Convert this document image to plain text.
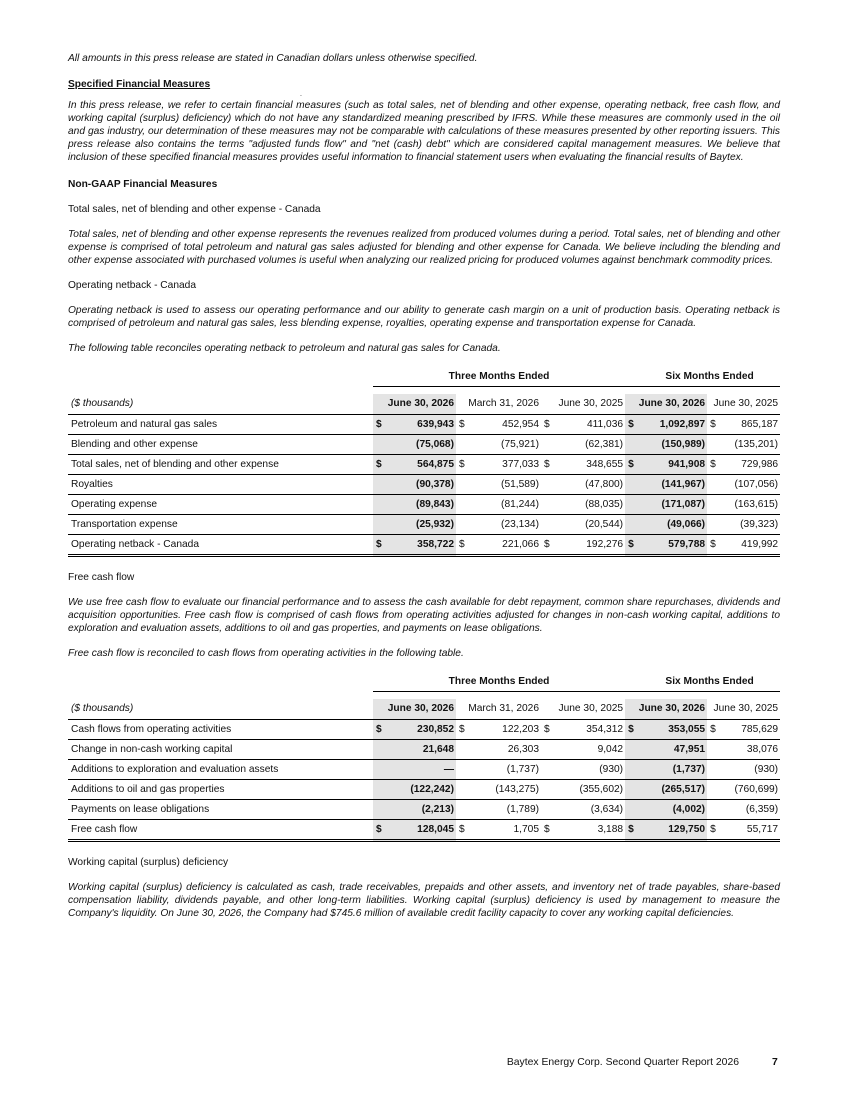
All amounts in this press release are stated in Canadian dollars unless otherwise specified.

Specified Financial Measures

.

In this press release, we refer to certain financial measures (such as total sales, net of blending and other expense, operating netback, free cash flow, and working capital (surplus) deficiency) which do not have any standardized meaning prescribed by IFRS. While these measures are commonly used in the oil and gas industry, our determination of these measures may not be comparable with calculations of these measures presented by other reporting issuers. This press release also contains the terms "adjusted funds flow" and "net (cash) debt" which are considered capital management measures. We believe that inclusion of these specified financial measures provides useful information to financial statement users when evaluating the financial results of Baytex.

Non-GAAP Financial Measures

Total sales, net of blending and other expense - Canada

Total sales, net of blending and other expense represents the revenues realized from produced volumes during a period. Total sales, net of blending and other expense is comprised of total petroleum and natural gas sales adjusted for blending and other expense for Canada. We believe including the blending and other expense associated with purchased volumes is useful when analyzing our realized pricing for produced volumes against benchmark commodity prices.

Operating netback - Canada

Operating netback is used to assess our operating performance and our ability to generate cash margin on a unit of production basis. Operating netback is comprised of petroleum and natural gas sales, less blending expense, royalties, operating expense and transportation expense for Canada.

The following table reconciles operating netback to petroleum and natural gas sales for Canada.

	Three Months Ended							Six Months Ended		

($ thousands)	June 30, 2026		March 31, 2026		June 30, 2025		June 30, 2026		June 30, 2025	
Petroleum and natural gas sales	$	639,943	$	452,954	$	411,036	$	1,092,897	$	865,187
Blending and other expense		(75,068)		(75,921)		(62,381)		(150,989)		(135,201)
Total sales, net of blending and other expense	$	564,875	$	377,033	$	348,655	$	941,908	$	729,986
Royalties		(90,378)		(51,589)		(47,800)		(141,967)		(107,056)
Operating expense		(89,843)		(81,244)		(88,035)		(171,087)		(163,615)
Transportation expense		(25,932)		(23,134)		(20,544)		(49,066)		(39,323)
Operating netback - Canada	$	358,722	$	221,066	$	192,276	$	579,788	$	419,992

Free cash flow

We use free cash flow to evaluate our financial performance and to assess the cash available for debt repayment, common share repurchases, dividends and acquisition opportunities. Free cash flow is comprised of cash flows from operating activities adjusted for changes in non-cash working capital, additions to exploration and evaluation assets, additions to oil and gas properties, and payments on lease obligations.

Free cash flow is reconciled to cash flows from operating activities in the following table.

	Three Months Ended							Six Months Ended		

($ thousands)	June 30, 2026		March 31, 2026		June 30, 2025		June 30, 2026		June 30, 2025	
Cash flows from operating activities	$	230,852	$	122,203	$	354,312	$	353,055	$	785,629
Change in non-cash working capital		21,648		26,303		9,042		47,951		38,076
Additions to exploration and evaluation assets		—		(1,737)		(930)		(1,737)		(930)
Additions to oil and gas properties		(122,242)		(143,275)		(355,602)		(265,517)		(760,699)
Payments on lease obligations		(2,213)		(1,789)		(3,634)		(4,002)		(6,359)
Free cash flow	$	128,045	$	1,705	$	3,188	$	129,750	$	55,717

Working capital (surplus) deficiency

Working capital (surplus) deficiency is calculated as cash, trade receivables, prepaids and other assets, and inventory net of trade payables, share-based compensation liability, dividends payable, and other long-term liabilities. Working capital (surplus) deficiency is used by management to measure the Company's liquidity. On June 30, 2026, the Company had $745.6 million of available credit facility capacity to cover any working capital deficiencies.

Baytex Energy Corp. Second Quarter Report 2026	7
